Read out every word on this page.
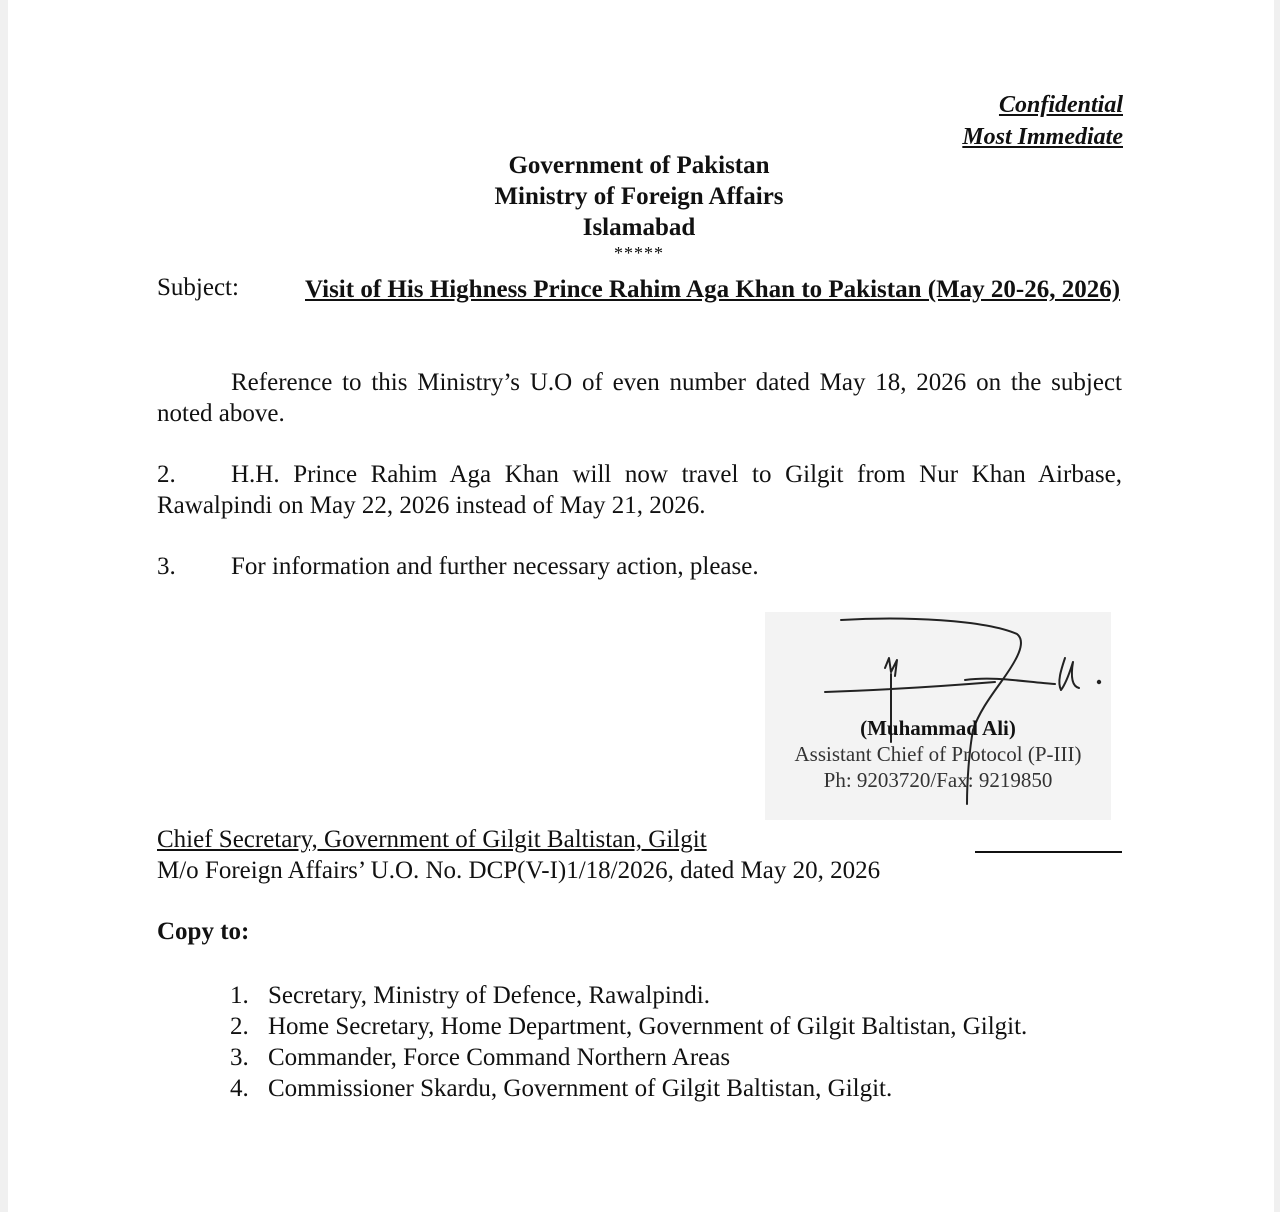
Confidential
Most Immediate
Government of Pakistan
Ministry of Foreign Affairs
Islamabad
*****
Subject:	Visit of His Highness Prince Rahim Aga Khan to Pakistan (May 20-26, 2026)
Reference to this Ministry’s U.O of even number dated May 18, 2026 on the subject noted above.
2. H.H. Prince Rahim Aga Khan will now travel to Gilgit from Nur Khan Airbase, Rawalpindi on May 22, 2026 instead of May 21, 2026.
3. For information and further necessary action, please.
(Muhammad Ali)
Assistant Chief of Protocol (P-III)
Ph: 9203720/Fax: 9219850
Chief Secretary, Government of Gilgit Baltistan, Gilgit
M/o Foreign Affairs’ U.O. No. DCP(V-I)1/18/2026, dated May 20, 2026
Copy to:
1. Secretary, Ministry of Defence, Rawalpindi.
2. Home Secretary, Home Department, Government of Gilgit Baltistan, Gilgit.
3. Commander, Force Command Northern Areas
4. Commissioner Skardu, Government of Gilgit Baltistan, Gilgit.
